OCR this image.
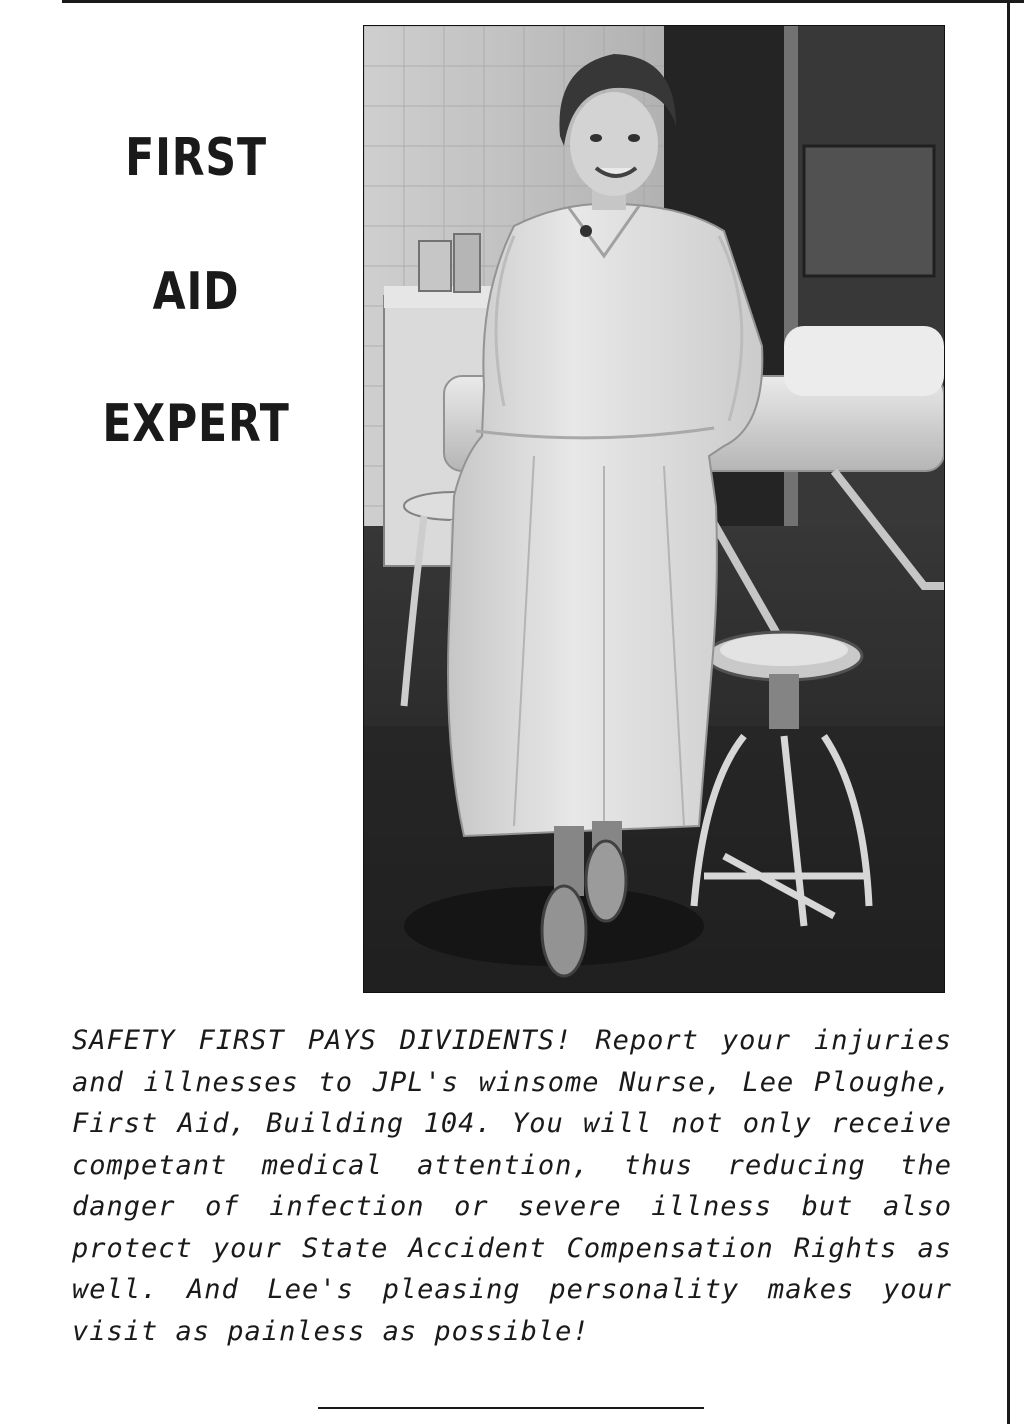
FIRST
AID
EXPERT
SAFETY FIRST PAYS DIVIDENTS! Report your injuries and illnesses to JPL's winsome Nurse, Lee Ploughe, First Aid, Building 104. You will not only receive competant medical attention, thus reducing the danger of infection or severe illness but also protect your State Accident Compensation Rights as well. And Lee's pleasing personality makes your visit as painless as possible!
